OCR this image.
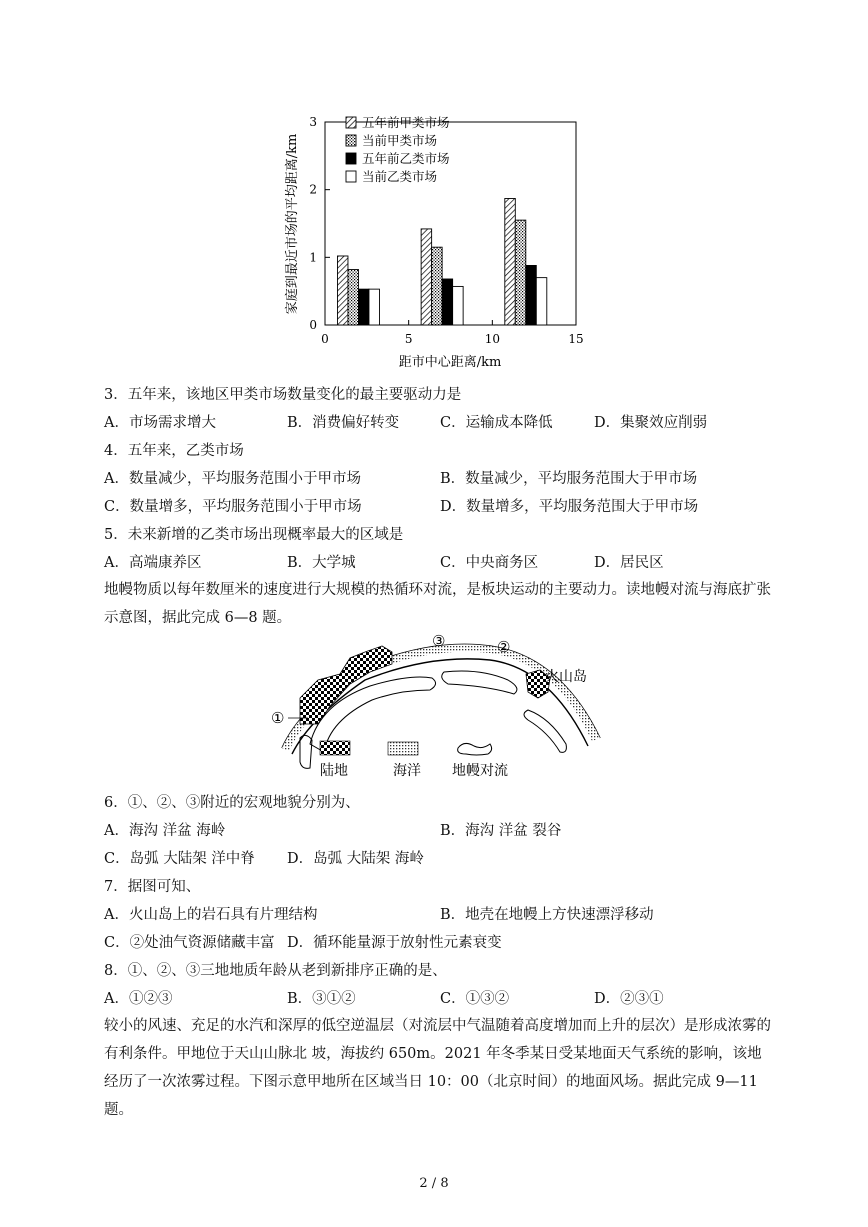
0
1
2
3
0	5	10	15
五年前甲类市场
当前甲类市场
五年前乙类市场
当前乙类市场
家庭到最近市场的平均距离/km
距市中心距离/km
3．五年来，该地区甲类市场数量变化的最主要驱动力是
A．市场需求增大	B．消费偏好转变	C．运输成本降低	D．集聚效应削弱
4．五年来，乙类市场
A．数量减少，平均服务范围小于甲市场	B．数量减少，平均服务范围大于甲市场
C．数量增多，平均服务范围小于甲市场	D．数量增多，平均服务范围大于甲市场
5．未来新增的乙类市场出现概率最大的区域是
A．高端康养区	B．大学城	C．中央商务区	D．居民区
地幔物质以每年数厘米的速度进行大规模的热循环对流，是板块运动的主要动力。读地幔对流与海底扩张示意图，据此完成 6—8 题。
①
③	②
火山岛
陆地	海洋 地幔对流
6．①、②、③附近的宏观地貌分别为、
A．海沟 洋盆 海岭	B．海沟 洋盆 裂谷
C．岛弧 大陆架 洋中脊 D．岛弧 大陆架 海岭
7．据图可知、
A．火山岛上的岩石具有片理结构	B．地壳在地幔上方快速漂浮移动
C．②处油气资源储藏丰富 D．循环能量源于放射性元素衰变
8．①、②、③三地地质年龄从老到新排序正确的是、
A．①②③	B．③①②	C．①③②	D．②③①
较小的风速、充足的水汽和深厚的低空逆温层（对流层中气温随着高度增加而上升的层次）是形成浓雾的有利条件。甲地位于天山山脉北 坡，海拔约 650m。2021 年冬季某日受某地面天气系统的影响，该地经历了一次浓雾过程。下图示意甲地所在区域当日 10：00（北京时间）的地面风场。据此完成 9—11 题。
2 / 8
